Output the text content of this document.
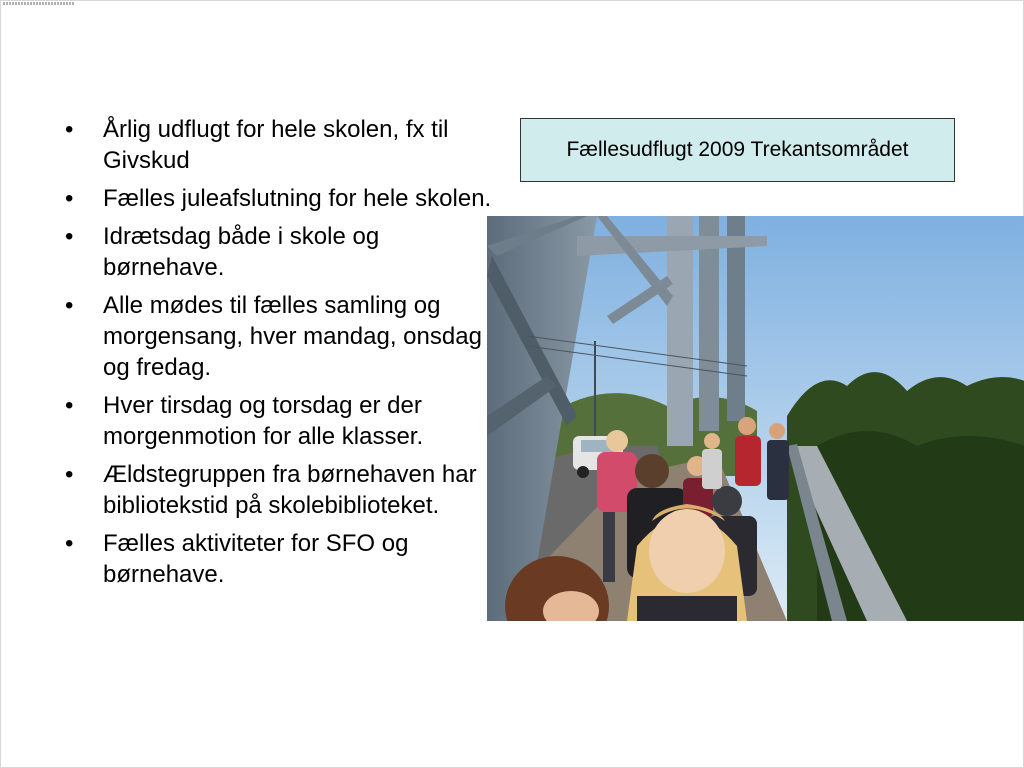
• Årlig udflugt for hele skolen, fx til Givskud
• Fælles juleafslutning for hele skolen.
• Idrætsdag både i skole og børnehave.
• Alle mødes til fælles samling og morgensang, hver mandag, onsdag og fredag.
• Hver tirsdag og torsdag er der morgenmotion for alle klasser.
• Ældstegruppen fra børnehaven har bibliotekstid på skolebiblioteket.
• Fælles aktiviteter for SFO og børnehave.
Fællesudflugt 2009 Trekantsområdet
